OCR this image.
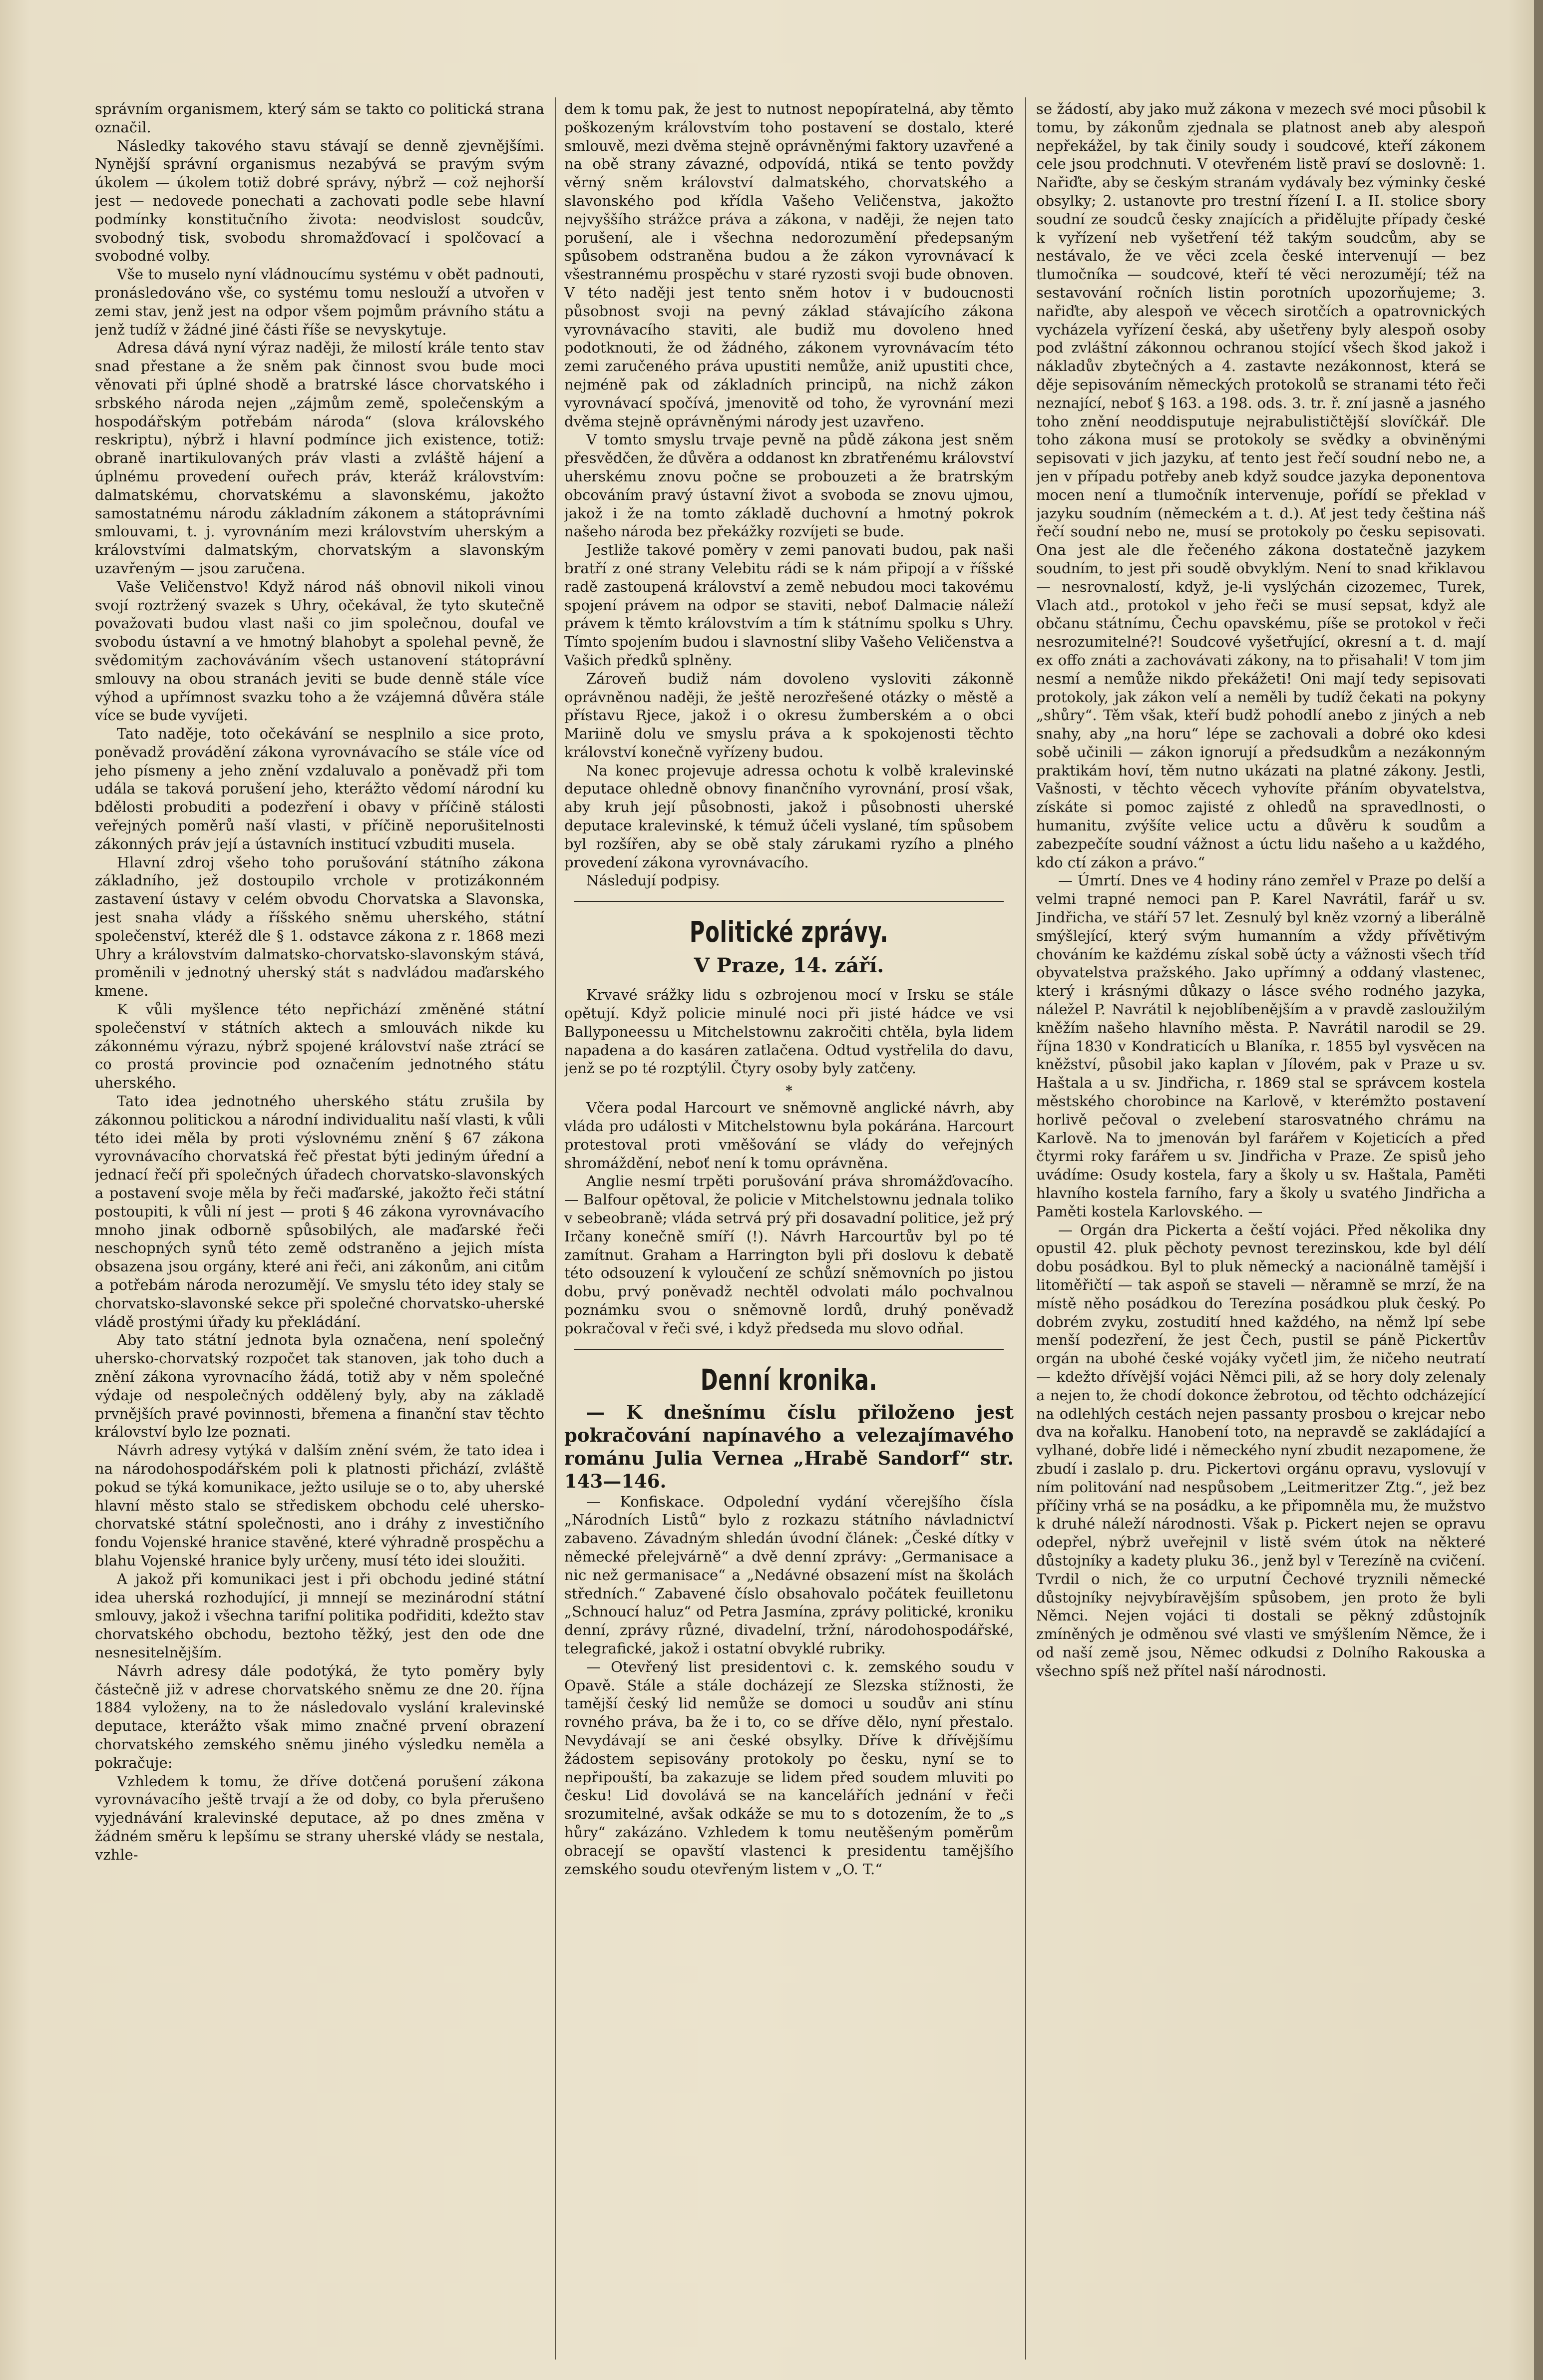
správním organismem, který sám se takto co politická strana označil.

Následky takového stavu stávají se denně zjevnějšími. Nynější správní organismus nezabývá se pravým svým úkolem — úkolem totiž dobré správy, nýbrž — což nejhorší jest — nedovede ponechati a zachovati podle sebe hlavní podmínky konstitučního života: neodvislost soudcův, svobodný tisk, svobodu shromažďovací i spolčovací a svobodné volby.

Vše to muselo nyní vládnoucímu systému v obět padnouti, pronásledováno vše, co systému tomu neslouží a utvořen v zemi stav, jenž jest na odpor všem pojmům právního státu a jenž tudíž v žádné jiné části říše se nevyskytuje.

Adresa dává nyní výraz naději, že milostí krále tento stav snad přestane a že sněm pak činnost svou bude moci věnovati při úplné shodě a bratrské lásce chorvatského i srbského národa nejen „zájmům země, společenským a hospodářským potřebám národa“ (slova královského reskriptu), nýbrž i hlavní podmínce jich existence, totiž: obraně inartikulovaných práv vlasti a zvláště hájení a úplnému provedení ouřech práv, kteráž královstvím: dalmatskému, chorvatskému a slavonskému, jakožto samostatnému národu základním zákonem a státoprávními smlouvami, t. j. vyrovnáním mezi královstvím uherským a královstvími dalmatským, chorvatským a slavonským uzavřeným — jsou zaručena.

Vaše Veličenstvo! Když národ náš obnovil nikoli vinou svojí roztržený svazek s Uhry, očekával, že tyto skutečně považovati budou vlast naši co jim společnou, doufal ve svobodu ústavní a ve hmotný blahobyt a spolehal pevně, že svědomitým zachováváním všech ustanovení státoprávní smlouvy na obou stranách jeviti se bude denně stále více výhod a upřímnost svazku toho a že vzájemná důvěra stále více se bude vyvíjeti.

Tato naděje, toto očekávání se nesplnilo a sice proto, poněvadž provádění zákona vyrovnávacího se stále více od jeho písmeny a jeho znění vzdaluvalo a poněvadž při tom udála se taková porušení jeho, kterážto vědomí národní ku bdělosti probuditi a podezření i obavy v příčině stálosti veřejných poměrů naší vlasti, v příčině neporušitelnosti zákonných práv její a ústavních institucí vzbuditi musela.

Hlavní zdroj všeho toho porušování státního zákona základního, jež dostoupilo vrchole v protizákonném zastavení ústavy v celém obvodu Chorvatska a Slavonska, jest snaha vlády a říšského sněmu uherského, státní společenství, kteréž dle § 1. odstavce zákona z r. 1868 mezi Uhry a královstvím dalmatsko-chorvatsko-slavonským stává, proměnili v jednotný uherský stát s nadvládou maďarského kmene.

K vůli myšlence této nepřichází změněné státní společenství v státních aktech a smlouvách nikde ku zákonnému výrazu, nýbrž spojené království naše ztrácí se co prostá provincie pod označením jednotného státu uherského.

Tato idea jednotného uherského státu zrušila by zákonnou politickou a národní individualitu naší vlasti, k vůli této idei měla by proti výslovnému znění § 67 zákona vyrovnávacího chorvatská řeč přestat býti jediným úřední a jednací řečí při společných úřadech chorvatsko-slavonských a postavení svoje měla by řeči maďarské, jakožto řeči státní postoupiti, k vůli ní jest — proti § 46 zákona vyrovnávacího mnoho jinak odborně spůsobilých, ale maďarské řeči neschopných synů této země odstraněno a jejich místa obsazena jsou orgány, které ani řeči, ani zákonům, ani citům a potřebám národa nerozumějí. Ve smyslu této idey staly se chorvatsko-slavonské sekce při společné chorvatsko-uherské vládě prostými úřady ku překládání.

Aby tato státní jednota byla označena, není společný uhersko-chorvatský rozpočet tak stanoven, jak toho duch a znění zákona vyrovnacího žádá, totiž aby v něm společné výdaje od nespolečných oddělený byly, aby na základě prvnějších pravé povinnosti, břemena a finanční stav těchto království bylo lze poznati.

Návrh adresy vytýká v dalším znění svém, že tato idea i na národohospodářském poli k platnosti přichází, zvláště pokud se týká komunikace, ježto usiluje se o to, aby uherské hlavní město stalo se střediskem obchodu celé uhersko-chorvatské státní společnosti, ano i dráhy z investičního fondu Vojenské hranice stavěné, které výhradně prospěchu a blahu Vojenské hranice byly určeny, musí této idei sloužiti.

A jakož při komunikaci jest i při obchodu jediné státní idea uherská rozhodující, ji mnnejí se mezinárodní státní smlouvy, jakož i všechna tarifní politika podřiditi, kdežto stav chorvatského obchodu, beztoho těžký, jest den ode dne nesnesitelnějším.

Návrh adresy dále podotýká, že tyto poměry byly částečně již v adrese chorvatského sněmu ze dne 20. října 1884 vyloženy, na to že následovalo vyslání kralevinské deputace, kterážto však mimo značné prvení obrazení chorvatského zemského sněmu jiného výsledku neměla a pokračuje:

Vzhledem k tomu, že dříve dotčená porušení zákona vyrovnávacího ještě trvají a že od doby, co byla přerušeno vyjednávání kralevinské deputace, až po dnes změna v žádném směru k lepšímu se strany uherské vlády se nestala, vzhle-

dem k tomu pak, že jest to nutnost nepopíratelná, aby těmto poškozeným královstvím toho postavení se dostalo, které smlouvě, mezi dvěma stejně oprávněnými faktory uzavřené a na obě strany závazné, odpovídá, ntiká se tento povždy věrný sněm království dalmatského, chorvatského a slavonského pod křídla Vašeho Veličenstva, jakožto nejvyššího strážce práva a zákona, v naději, že nejen tato porušení, ale i všechna nedorozumění předepsaným spůsobem odstraněna budou a že zákon vyrovnávací k všestrannému prospěchu v staré ryzosti svoji bude obnoven. V této naději jest tento sněm hotov i v budoucnosti působnost svoji na pevný základ stávajícího zákona vyrovnávacího staviti, ale budiž mu dovoleno hned podotknouti, že od žádného, zákonem vyrovnávacím této zemi zaručeného práva upustiti nemůže, aniž upustiti chce, nejméně pak od základních principů, na nichž zákon vyrovnávací spočívá, jmenovitě od toho, že vyrovnání mezi dvěma stejně oprávněnými národy jest uzavřeno.

V tomto smyslu trvaje pevně na půdě zákona jest sněm přesvědčen, že důvěra a oddanost kn zbratřenému království uherskému znovu počne se probouzeti a že bratrským obcováním pravý ústavní život a svoboda se znovu ujmou, jakož i že na tomto základě duchovní a hmotný pokrok našeho národa bez překážky rozvíjeti se bude.

Jestliže takové poměry v zemi panovati budou, pak naši bratří z oné strany Velebitu rádi se k nám připojí a v říšské radě zastoupená království a země nebudou moci takovému spojení právem na odpor se staviti, neboť Dalmacie náleží právem k těmto královstvím a tím k státnímu spolku s Uhry. Tímto spojením budou i slavnostní sliby Vašeho Veličenstva a Vašich předků splněny.

Zároveň budiž nám dovoleno vysloviti zákonně oprávněnou naději, že ještě nerozřešené otázky o městě a přístavu Rjece, jakož i o okresu žumberském a o obci Mariině dolu ve smyslu práva a k spokojenosti těchto království konečně vyřízeny budou.

Na konec projevuje adressa ochotu k volbě kralevinské deputace ohledně obnovy finančního vyrovnání, prosí však, aby kruh její působnosti, jakož i působnosti uherské deputace kralevinské, k témuž účeli vyslané, tím spůsobem byl rozšířen, aby se obě staly zárukami ryzího a plného provedení zákona vyrovnávacího.

Následují podpisy.

Politické zprávy.
V Praze, 14. září.

Krvavé srážky lidu s ozbrojenou mocí v Irsku se stále opětují. Když policie minulé noci při jisté hádce ve vsi Ballyponeessu u Mitchelstownu zakročiti chtěla, byla lidem napadena a do kasáren zatlačena. Odtud vystřelila do davu, jenž se po té rozptýlil. Čtyry osoby byly zatčeny.

*

Včera podal Harcourt ve sněmovně anglické návrh, aby vláda pro události v Mitchelstownu byla pokárána. Harcourt protestoval proti vměšování se vlády do veřejných shromáždění, neboť není k tomu oprávněna.

Anglie nesmí trpěti porušování práva shromážďovacího. — Balfour opětoval, že policie v Mitchelstownu jednala toliko v sebeobraně; vláda setrvá prý při dosavadní politice, jež prý Irčany konečně smíří (!). Návrh Harcourtův byl po té zamítnut. Graham a Harrington byli při doslovu k debatě této odsouzení k vyloučení ze schůzí sněmovních po jistou dobu, prvý poněvadž nechtěl odvolati málo pochvalnou poznámku svou o sněmovně lordů, druhý poněvadž pokračoval v řeči své, i když předseda mu slovo odňal.

Denní kronika.

— K dnešnímu číslu přiloženo jest pokračování napínavého a velezajímavého románu Julia Vernea „Hrabě Sandorf“ str. 143—146.

— Konfiskace. Odpolední vydání včerejšího čísla „Národních Listů“ bylo z rozkazu státního návladnictví zabaveno. Závadným shledán úvodní článek: „České dítky v německé přelejvárně“ a dvě denní zprávy: „Germanisace a nic než germanisace“ a „Nedávné obsazení míst na školách středních.“ Zabavené číslo obsahovalo počátek feuilletonu „Schnoucí haluz“ od Petra Jasmína, zprávy politické, kroniku denní, zprávy různé, divadelní, tržní, národohospodářské, telegrafické, jakož i ostatní obvyklé rubriky.

— Otevřený list presidentovi c. k. zemského soudu v Opavě. Stále a stále docházejí ze Slezska stížnosti, že tamější český lid nemůže se domoci u soudův ani stínu rovného práva, ba že i to, co se dříve dělo, nyní přestalo. Nevydávají se ani české obsylky. Dříve k dřívějšímu žádostem sepisovány protokoly po česku, nyní se to nepřipouští, ba zakazuje se lidem před soudem mluviti po česku! Lid dovolává se na kancelářích jednání v řeči srozumitelné, avšak odkáže se mu to s dotozením, že to „s hůry“ zakázáno. Vzhledem k tomu neutěšeným poměrům obracejí se opavští vlastenci k presidentu tamějšího zemského soudu otevřeným listem v „O. T.“

se žádostí, aby jako muž zákona v mezech své moci působil k tomu, by zákonům zjednala se platnost aneb aby alespoň nepřekážel, by tak činily soudy i soudcové, kteří zákonem cele jsou prodchnuti. V otevřeném listě praví se doslovně: 1. Nařiďte, aby se českým stranám vydávaly bez výminky české obsylky; 2. ustanovte pro trestní řízení I. a II. stolice sbory soudní ze soudců česky znajících a přidělujte případy české k vyřízení neb vyšetření též takým soudcům, aby se nestávalo, že ve věci zcela české intervenují — bez tlumočníka — soudcové, kteří té věci nerozumějí; též na sestavování ročních listin porotních upozorňujeme; 3. nařiďte, aby alespoň ve věcech sirotčích a opatrovnických vycházela vyřízení česká, aby ušetřeny byly alespoň osoby pod zvláštní zákonnou ochranou stojící všech škod jakož i nákladův zbytečných a 4. zastavte nezákonnost, která se děje sepisováním německých protokolů se stranami této řeči neznající, neboť § 163. a 198. ods. 3. tr. ř. zní jasně a jasného toho znění neoddisputuje nejrabulističtější slovíčkář. Dle toho zákona musí se protokoly se svědky a obviněnými sepisovati v jich jazyku, ať tento jest řečí soudní nebo ne, a jen v případu potřeby aneb když soudce jazyka deponentova mocen není a tlumočník intervenuje, pořídí se překlad v jazyku soudním (německém a t. d.). Ať jest tedy čeština náš řečí soudní nebo ne, musí se protokoly po česku sepisovati. Ona jest ale dle řečeného zákona dostatečně jazykem soudním, to jest při soudě obvyklým. Není to snad křiklavou — nesrovnalostí, když, je-li vyslýchán cizozemec, Turek, Vlach atd., protokol v jeho řeči se musí sepsat, když ale občanu státnímu, Čechu opavskému, píše se protokol v řeči nesrozumitelné?! Soudcové vyšetřující, okresní a t. d. mají ex offo znáti a zachovávati zákony, na to přisahali! V tom jim nesmí a nemůže nikdo překážeti! Oni mají tedy sepisovati protokoly, jak zákon velí a neměli by tudíž čekati na pokyny „shůry“. Těm však, kteří budž pohodlí anebo z jiných a neb snahy, aby „na horu“ lépe se zachovali a dobré oko kdesi sobě učinili — zákon ignorují a předsudkům a nezákonným praktikám hoví, těm nutno ukázati na platné zákony. Jestli, Vašnosti, v těchto věcech vyhovíte přáním obyvatelstva, získáte si pomoc zajisté z ohledů na spravedlnosti, o humanitu, zvýšíte velice uctu a důvěru k soudům a zabezpečíte soudní vážnost a úctu lidu našeho a u každého, kdo ctí zákon a právo.“

— Úmrtí. Dnes ve 4 hodiny ráno zemřel v Praze po delší a velmi trapné nemoci pan P. Karel Navrátil, farář u sv. Jindřicha, ve stáří 57 let. Zesnulý byl kněz vzorný a liberálně smýšlející, který svým humanním a vždy přívětivým chováním ke každému získal sobě úcty a vážnosti všech tříd obyvatelstva pražského. Jako upřímný a oddaný vlastenec, který i krásnými důkazy o lásce svého rodného jazyka, náležel P. Navrátil k nejoblíbenějším a v pravdě zasloužilým kněžím našeho hlavního města. P. Navrátil narodil se 29. října 1830 v Kondraticích u Blaníka, r. 1855 byl vysvěcen na kněžství, působil jako kaplan v Jílovém, pak v Praze u sv. Haštala a u sv. Jindřicha, r. 1869 stal se správcem kostela městského chorobince na Karlově, v kterémžto postavení horlivě pečoval o zvelebení starosvatného chrámu na Karlově. Na to jmenován byl farářem v Kojeticích a před čtyrmi roky farářem u sv. Jindřicha v Praze. Ze spisů jeho uvádíme: Osudy kostela, fary a školy u sv. Haštala, Paměti hlavního kostela farního, fary a školy u svatého Jindřicha a Paměti kostela Karlovského. —

— Orgán dra Pickerta a čeští vojáci. Před několika dny opustil 42. pluk pěchoty pevnost terezinskou, kde byl délí dobu posádkou. Byl to pluk německý a nacionálně tamější i litoměřičtí — tak aspoň se staveli — něramně se mrzí, že na místě něho posádkou do Terezína posádkou pluk český. Po dobrém zvyku, zostudití hned každého, na němž lpí sebe menší podezření, že jest Čech, pustil se páně Pickertův orgán na ubohé české vojáky vyčetl jim, že ničeho neutratí — kdežto dřívější vojáci Němci pili, až se hory doly zelenaly a nejen to, že chodí dokonce žebrotou, od těchto odcházející na odlehlých cestách nejen passanty prosbou o krejcar nebo dva na kořalku. Hanobení toto, na nepravdě se zakládající a vylhané, dobře lidé i německého nyní zbudit nezapomene, že zbudí i zaslalo p. dru. Pickertovi orgánu opravu, vyslovují v ním politování nad nespůsobem „Leitmeritzer Ztg.“, jež bez příčiny vrhá se na posádku, a ke připomněla mu, že mužstvo k druhé náleží národnosti. Však p. Pickert nejen se opravu odepřel, nýbrž uveřejnil v listě svém útok na některé důstojníky a kadety pluku 36., jenž byl v Terezíně na cvičení. Tvrdil o nich, že co urputní Čechové tryznili německé důstojníky nejvybíravějším spůsobem, jen proto že byli Němci. Nejen vojáci ti dostali se pěkný zdůstojník zmíněných je odměnou své vlasti ve smýšlením Němce, že i od naší země jsou, Němec odkudsi z Dolního Rakouska a všechno spíš než přítel naší národnosti.
